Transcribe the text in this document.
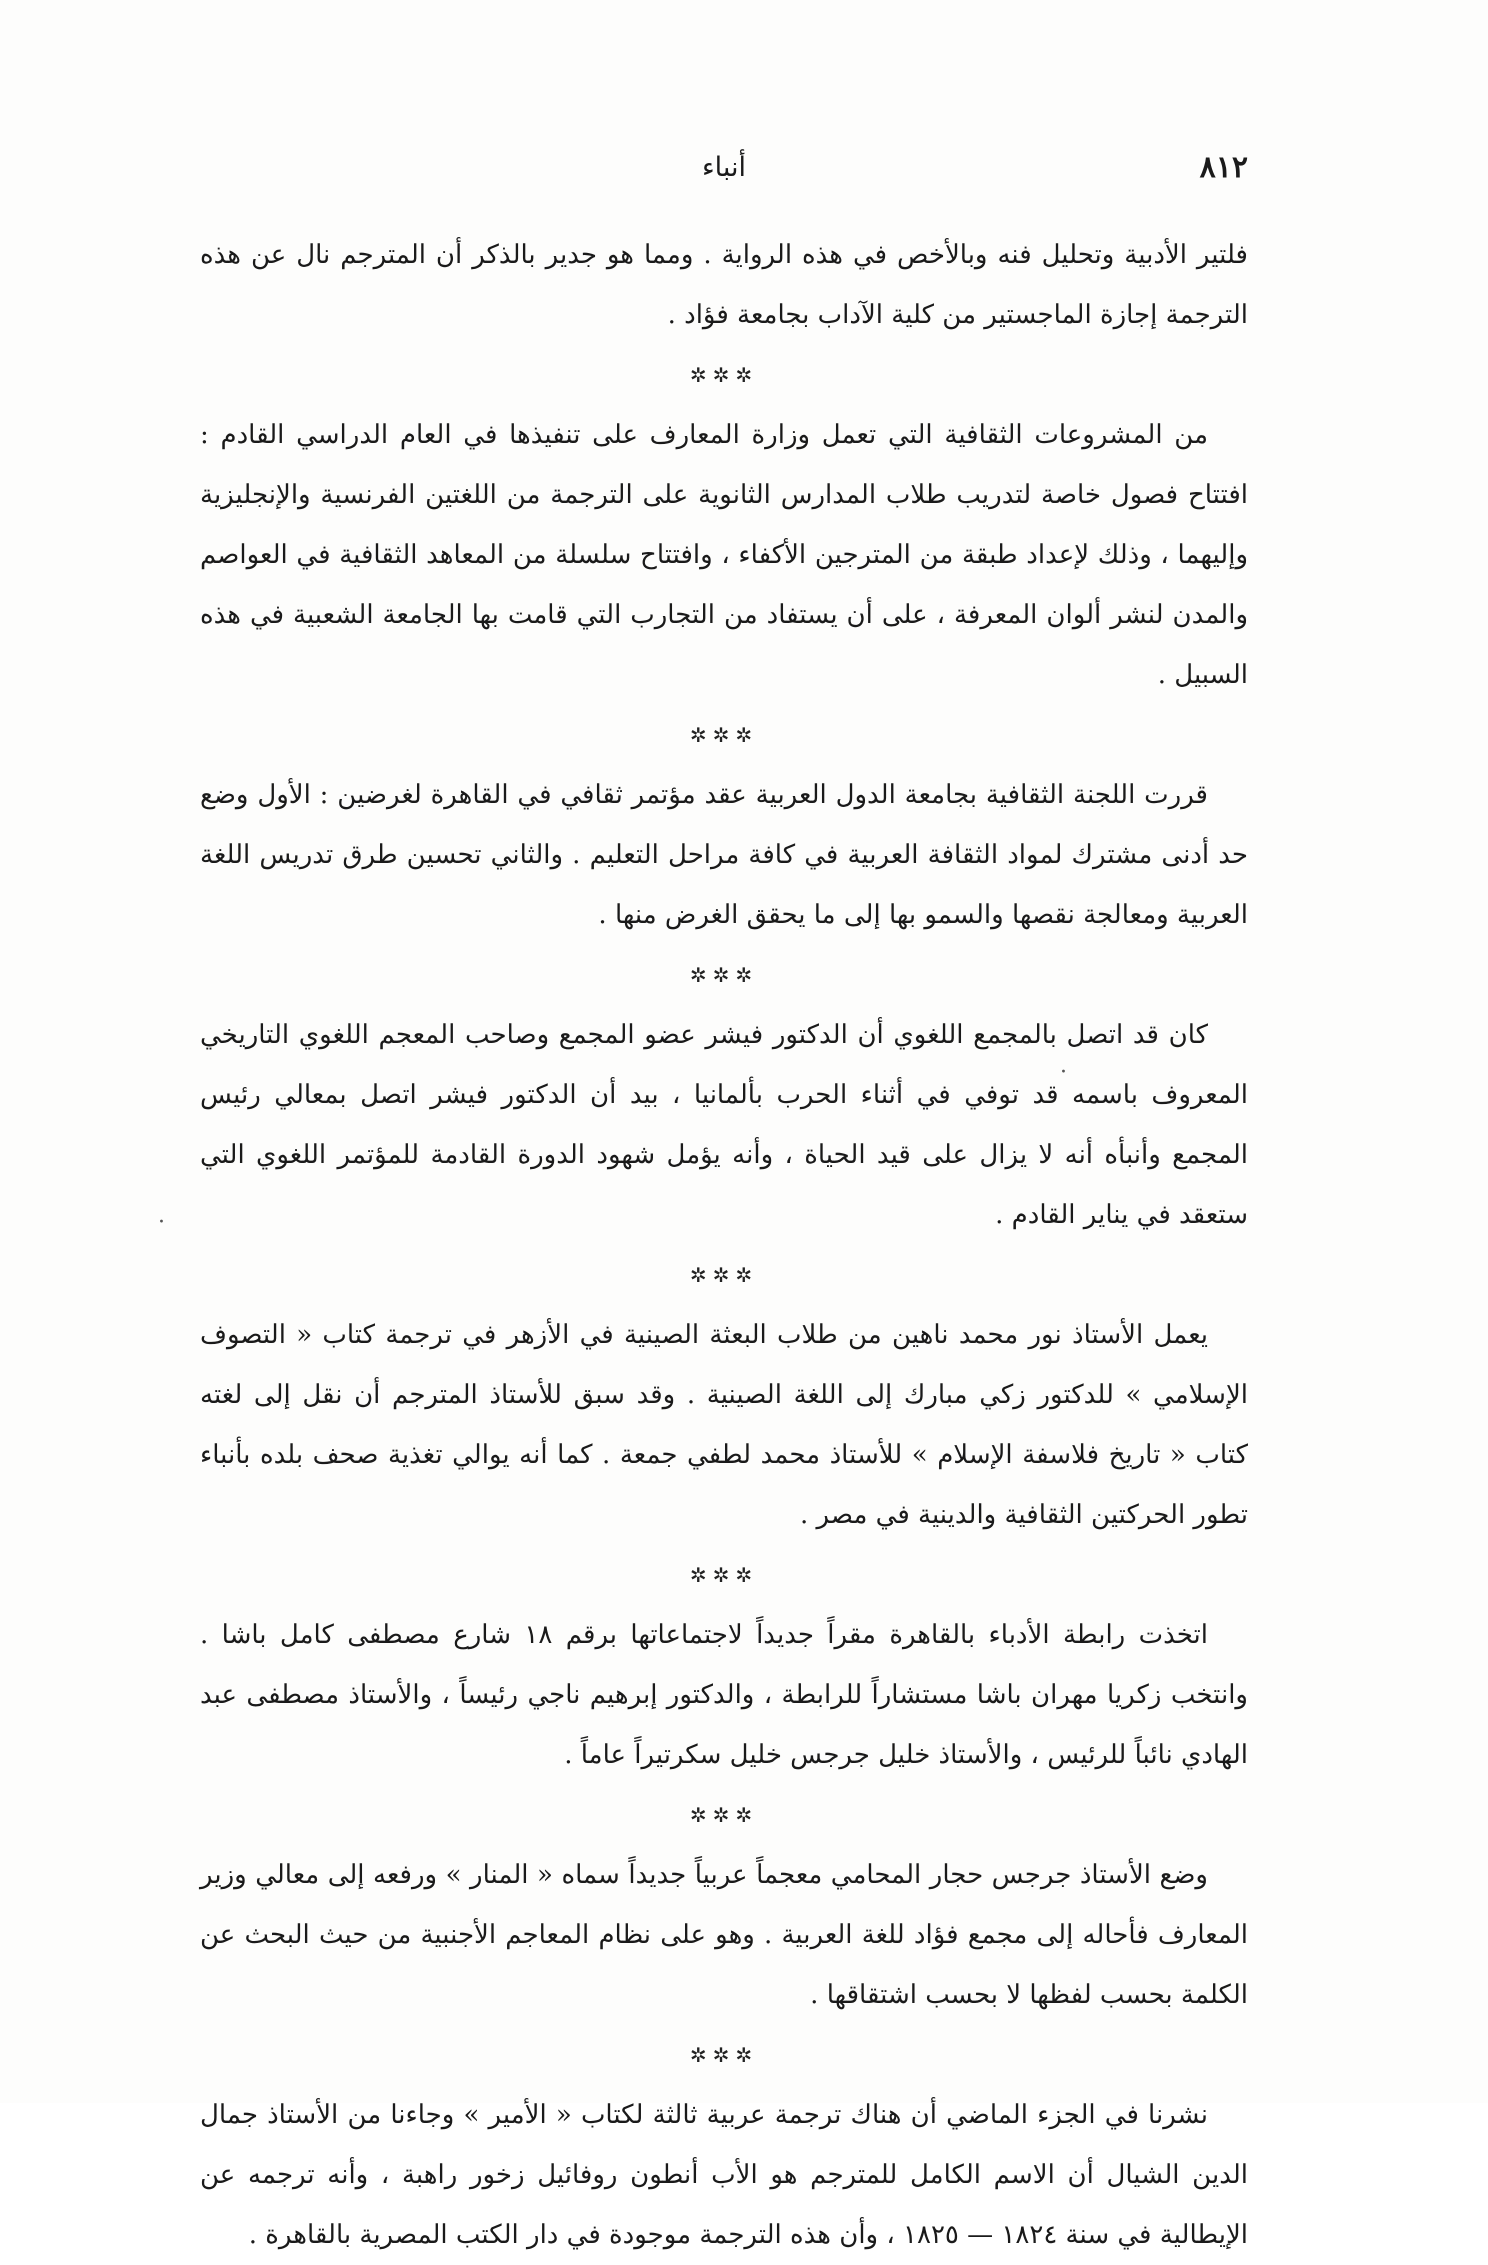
٨١٢
أنباء

فلتير الأدبية وتحليل فنه وبالأخص في هذه الرواية . ومما هو جدير بالذكر أن المترجم نال عن هذه الترجمة إجازة الماجستير من كلية الآداب بجامعة فؤاد .

✲✲✲

من المشروعات الثقافية التي تعمل وزارة المعارف على تنفيذها في العام الدراسي القادم : افتتاح فصول خاصة لتدريب طلاب المدارس الثانوية على الترجمة من اللغتين الفرنسية والإنجليزية وإليهما ، وذلك لإعداد طبقة من المترجين الأكفاء ، وافتتاح سلسلة من المعاهد الثقافية في العواصم والمدن لنشر ألوان المعرفة ، على أن يستفاد من التجارب التي قامت بها الجامعة الشعبية في هذه السبيل .

✲✲✲

قررت اللجنة الثقافية بجامعة الدول العربية عقد مؤتمر ثقافي في القاهرة لغرضين : الأول وضع حد أدنى مشترك لمواد الثقافة العربية في كافة مراحل التعليم . والثاني تحسين طرق تدريس اللغة العربية ومعالجة نقصها والسمو بها إلى ما يحقق الغرض منها .

✲✲✲

كان قد اتصل بالمجمع اللغوي أن الدكتور فيشر عضو المجمع وصاحب المعجم اللغوي التاريخي المعروف باسمه قد توفي في أثناء الحرب بألمانيا ، بيد أن الدكتور فيشر اتصل بمعالي رئيس المجمع وأنبأه أنه لا يزال على قيد الحياة ، وأنه يؤمل شهود الدورة القادمة للمؤتمر اللغوي التي ستعقد في يناير القادم .

✲✲✲

يعمل الأستاذ نور محمد ناهين من طلاب البعثة الصينية في الأزهر في ترجمة كتاب « التصوف الإسلامي » للدكتور زكي مبارك إلى اللغة الصينية . وقد سبق للأستاذ المترجم أن نقل إلى لغته كتاب « تاريخ فلاسفة الإسلام » للأستاذ محمد لطفي جمعة . كما أنه يوالي تغذية صحف بلده بأنباء تطور الحركتين الثقافية والدينية في مصر .

✲✲✲

اتخذت رابطة الأدباء بالقاهرة مقراً جديداً لاجتماعاتها برقم ١٨ شارع مصطفى كامل باشا . وانتخب زكريا مهران باشا مستشاراً للرابطة ، والدكتور إبرهيم ناجي رئيساً ، والأستاذ مصطفى عبد الهادي نائباً للرئيس ، والأستاذ خليل جرجس خليل سكرتيراً عاماً .

✲✲✲

وضع الأستاذ جرجس حجار المحامي معجماً عربياً جديداً سماه « المنار » ورفعه إلى معالي وزير المعارف فأحاله إلى مجمع فؤاد للغة العربية . وهو على نظام المعاجم الأجنبية من حيث البحث عن الكلمة بحسب لفظها لا بحسب اشتقاقها .

✲✲✲

نشرنا في الجزء الماضي أن هناك ترجمة عربية ثالثة لكتاب « الأمير » وجاءنا من الأستاذ جمال الدين الشيال أن الاسم الكامل للمترجم هو الأب أنطون روفائيل زخور راهبة ، وأنه ترجمه عن الإيطالية في سنة ١٨٢٤ — ١٨٢٥ ، وأن هذه الترجمة موجودة في دار الكتب المصرية بالقاهرة .

·
·
